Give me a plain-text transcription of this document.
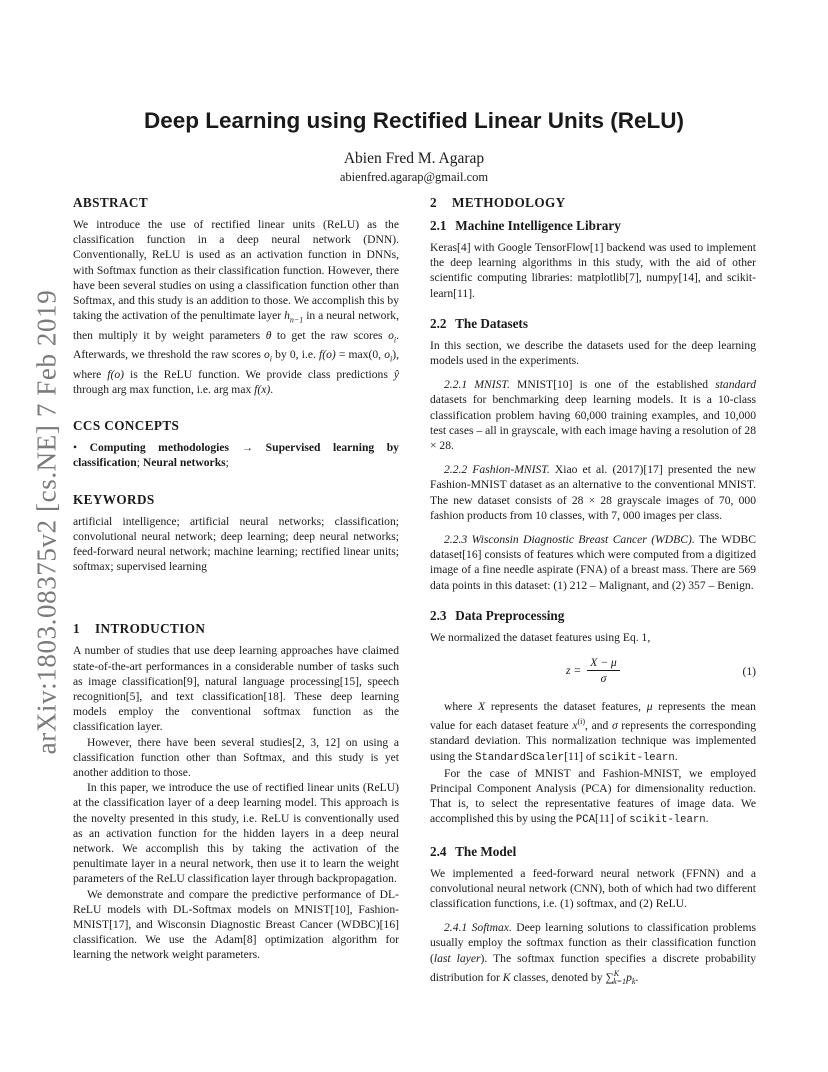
arXiv:1803.08375v2 [cs.NE] 7 Feb 2019
Deep Learning using Rectified Linear Units (ReLU)
Abien Fred M. Agarap
abienfred.agarap@gmail.com
ABSTRACT

We introduce the use of rectified linear units (ReLU) as the classification function in a deep neural network (DNN). Conventionally, ReLU is used as an activation function in DNNs, with Softmax function as their classification function. However, there have been several studies on using a classification function other than Softmax, and this study is an addition to those. We accomplish this by taking the activation of the penultimate layer $h_{n-1}$ in a neural network, then multiply it by weight parameters θ to get the raw scores $o_i$. Afterwards, we threshold the raw scores $o_i$ by 0, i.e. f(o) = max(0, $o_i$), where f(o) is the ReLU function. We provide class predictions ŷ through arg max function, i.e. arg max f(x).

CCS CONCEPTS

• Computing methodologies → Supervised learning by classification; Neural networks;

KEYWORDS

artificial intelligence; artificial neural networks; classification; convolutional neural network; deep learning; deep neural networks; feed-forward neural network; machine learning; rectified linear units; softmax; supervised learning

1 INTRODUCTION

A number of studies that use deep learning approaches have claimed state-of-the-art performances in a considerable number of tasks such as image classification[9], natural language processing[15], speech recognition[5], and text classification[18]. These deep learning models employ the conventional softmax function as the classification layer.

However, there have been several studies[2, 3, 12] on using a classification function other than Softmax, and this study is yet another addition to those.

In this paper, we introduce the use of rectified linear units (ReLU) at the classification layer of a deep learning model. This approach is the novelty presented in this study, i.e. ReLU is conventionally used as an activation function for the hidden layers in a deep neural network. We accomplish this by taking the activation of the penultimate layer in a neural network, then use it to learn the weight parameters of the ReLU classification layer through backpropagation.

We demonstrate and compare the predictive performance of DL-ReLU models with DL-Softmax models on MNIST[10], Fashion-MNIST[17], and Wisconsin Diagnostic Breast Cancer (WDBC)[16] classification. We use the Adam[8] optimization algorithm for learning the network weight parameters.

2 METHODOLOGY
2.1 Machine Intelligence Library

Keras[4] with Google TensorFlow[1] backend was used to implement the deep learning algorithms in this study, with the aid of other scientific computing libraries: matplotlib[7], numpy[14], and scikit-learn[11].

2.2 The Datasets

In this section, we describe the datasets used for the deep learning models used in the experiments.

2.2.1 MNIST. MNIST[10] is one of the established standard datasets for benchmarking deep learning models. It is a 10-class classification problem having 60,000 training examples, and 10,000 test cases – all in grayscale, with each image having a resolution of 28 × 28.

2.2.2 Fashion-MNIST. Xiao et al. (2017)[17] presented the new Fashion-MNIST dataset as an alternative to the conventional MNIST. The new dataset consists of 28 × 28 grayscale images of 70, 000 fashion products from 10 classes, with 7, 000 images per class.

2.2.3 Wisconsin Diagnostic Breast Cancer (WDBC). The WDBC dataset[16] consists of features which were computed from a digitized image of a fine needle aspirate (FNA) of a breast mass. There are 569 data points in this dataset: (1) 212 – Malignant, and (2) 357 – Benign.

2.3 Data Preprocessing

We normalized the dataset features using Eq. 1,

$z = \frac{X - \mu}{\sigma}$	(1)

where X represents the dataset features, μ represents the mean value for each dataset feature $x^{(i)}$, and σ represents the corresponding standard deviation. This normalization technique was implemented using the StandardScaler[11] of scikit-learn.

For the case of MNIST and Fashion-MNIST, we employed Principal Component Analysis (PCA) for dimensionality reduction. That is, to select the representative features of image data. We accomplished this by using the PCA[11] of scikit-learn.

2.4 The Model

We implemented a feed-forward neural network (FFNN) and a convolutional neural network (CNN), both of which had two different classification functions, i.e. (1) softmax, and (2) ReLU.

2.4.1 Softmax. Deep learning solutions to classification problems usually employ the softmax function as their classification function (last layer). The softmax function specifies a discrete probability distribution for K classes, denoted by $\sum^K_{k=1}p_k$.
